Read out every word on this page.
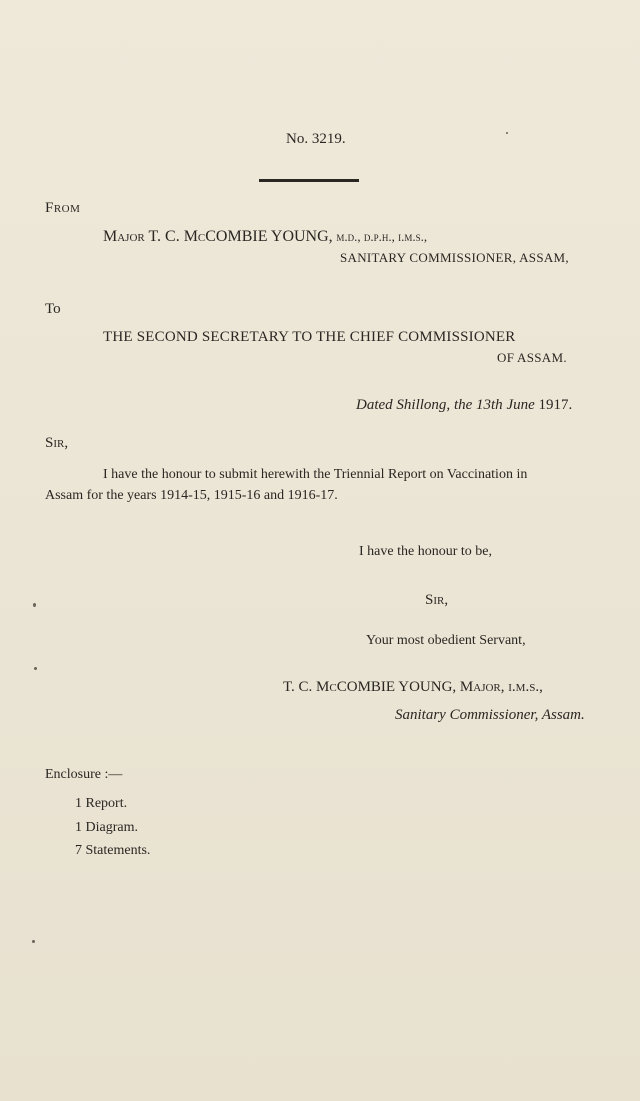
No. 3219.
From
Major T. C. McCOMBIE YOUNG, m.d., d.p.h., i.m.s.,
SANITARY COMMISSIONER, ASSAM,
To
THE SECOND SECRETARY TO THE CHIEF COMMISSIONER
OF ASSAM.
Dated Shillong, the 13th June 1917.
Sir,
I have the honour to submit herewith the Triennial Report on Vaccination in
Assam for the years 1914-15, 1915-16 and 1916-17.
I have the honour to be,
Sir,
Your most obedient Servant,
T. C. McCOMBIE YOUNG, Major, i.m.s.,
Sanitary Commissioner, Assam.
Enclosure :—
1 Report.
1 Diagram.
7 Statements.
